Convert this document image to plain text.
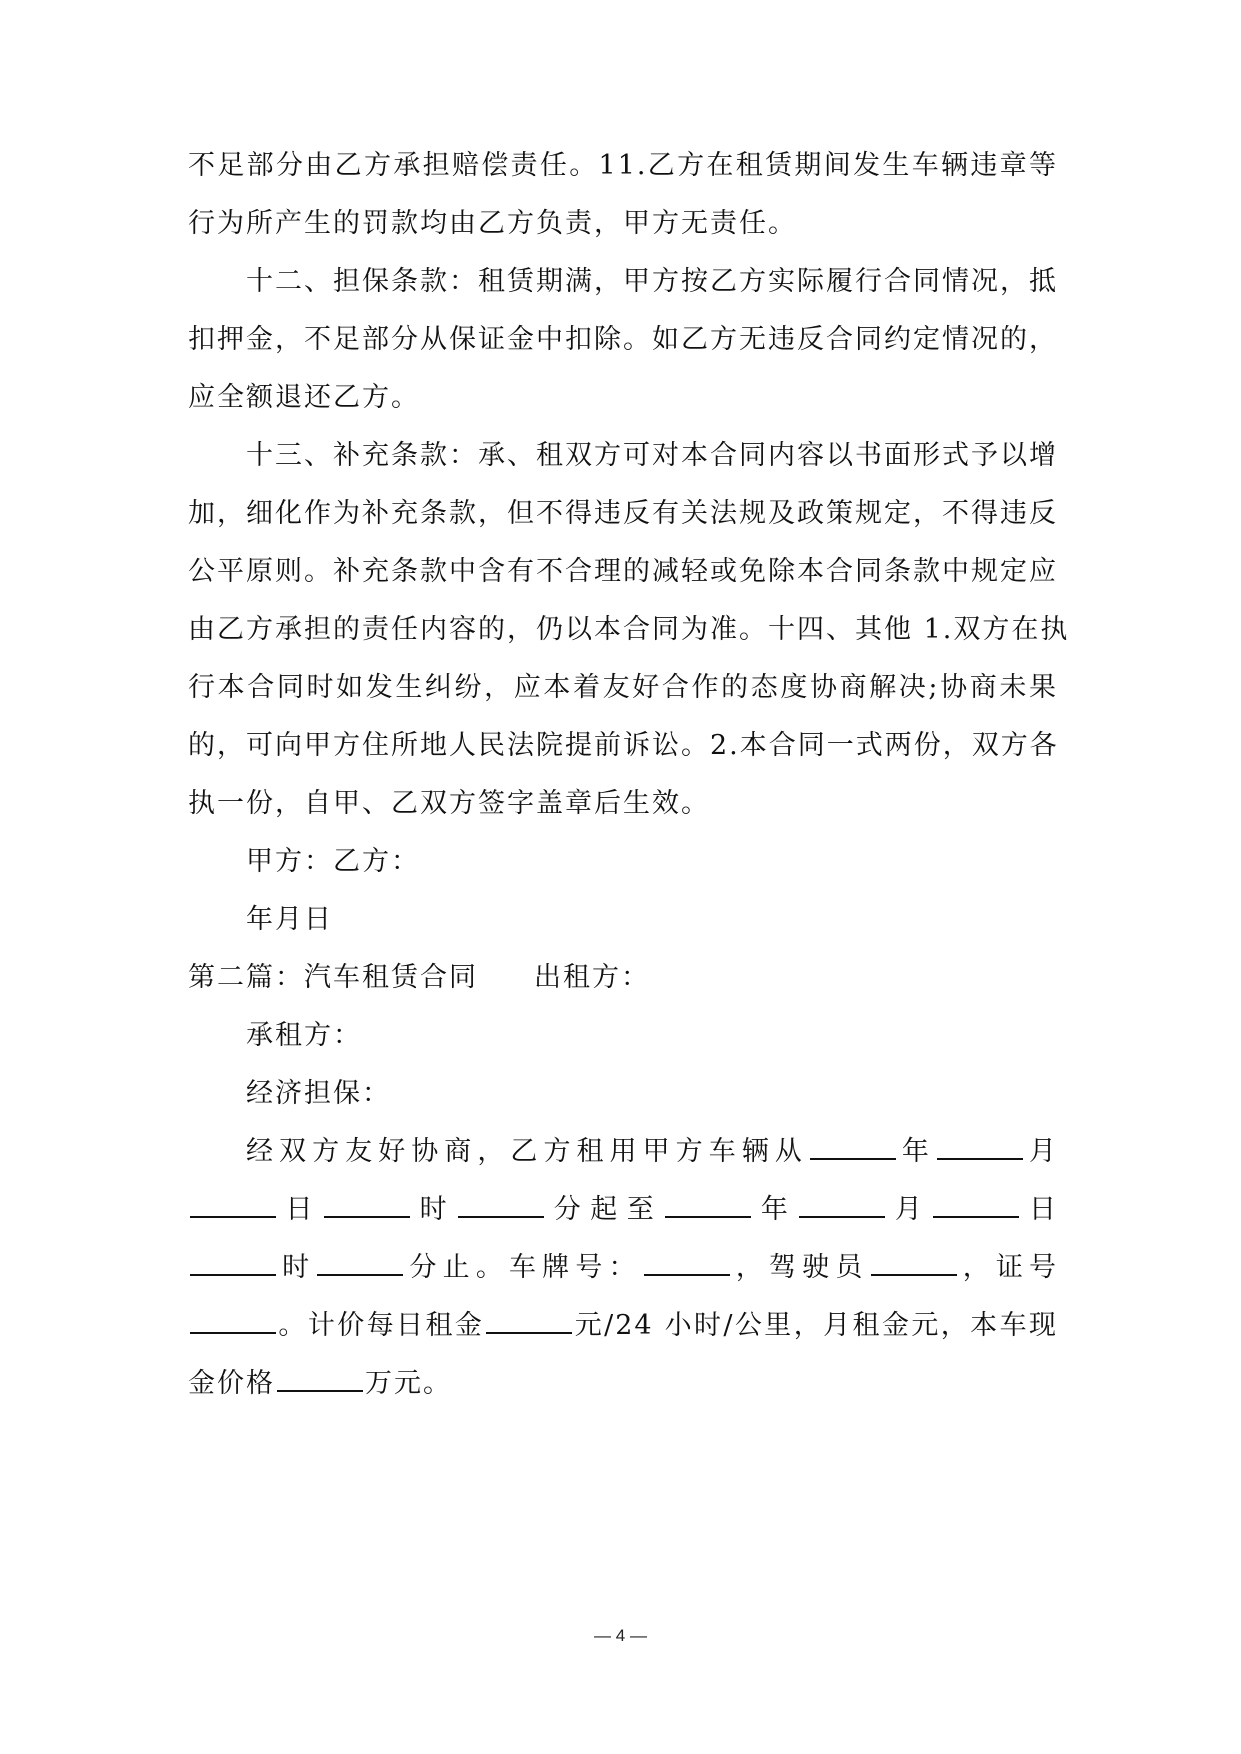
不足部分由乙方承担赔偿责任。11.乙方在租赁期间发生车辆违章等
行为所产生的罚款均由乙方负责，甲方无责任。
十二、担保条款：租赁期满，甲方按乙方实际履行合同情况，抵
扣押金，不足部分从保证金中扣除。如乙方无违反合同约定情况的，
应全额退还乙方。
十三、补充条款：承、租双方可对本合同内容以书面形式予以增
加，细化作为补充条款，但不得违反有关法规及政策规定，不得违反
公平原则。补充条款中含有不合理的减轻或免除本合同条款中规定应
由乙方承担的责任内容的，仍以本合同为准。十四、其他 1.双方在执
行本合同时如发生纠纷，应本着友好合作的态度协商解决;协商未果
的，可向甲方住所地人民法院提前诉讼。2.本合同一式两份，双方各
执一份，自甲、乙双方签字盖章后生效。
甲方：乙方：
年月日
第二篇：汽车租赁合同 出租方：
承租方：
经济担保：
经双方友好协商，乙方租用甲方车辆从	年	月
日	时	分起至	年	月	日
时	分止。车牌号：	，驾驶员	，证号
。计价每日租金	元/24 小时/公里，月租金元，本车现
金价格	万元。
— 4 —
